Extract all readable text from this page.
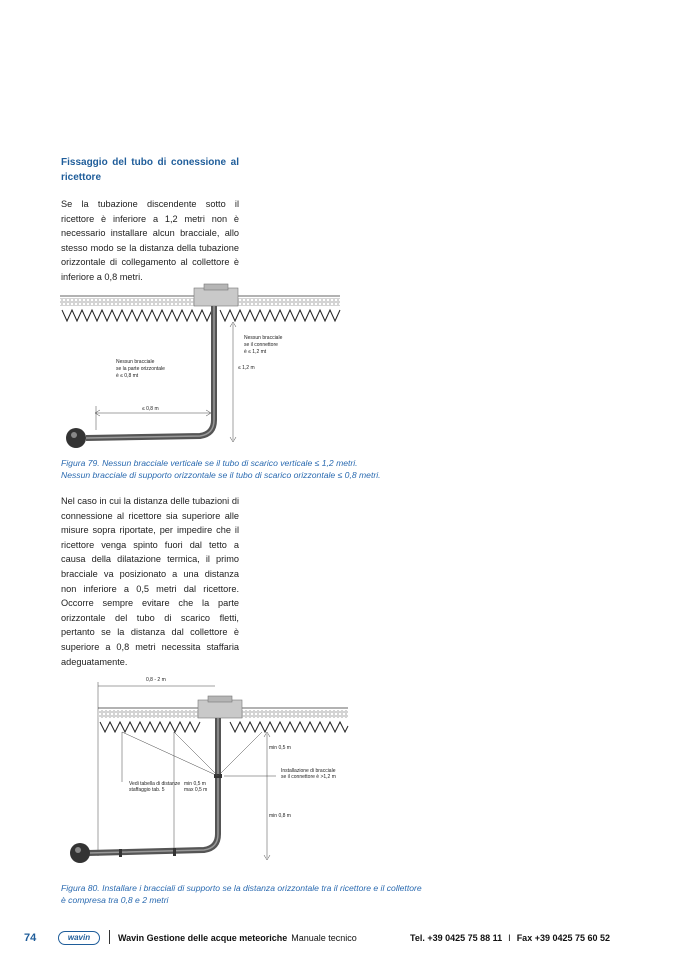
Fissaggio del tubo di conessione al ricettore
Se la tubazione discendente sotto il ricettore è inferiore a 1,2 metri non è necessario installare alcun bracciale, allo stesso modo se la distanza della tubazione orizzontale di collegamento al collettore è inferiore a 0,8 metri.
Nessun bracciale
se il connettore
è ≤ 1,2 mt
≤ 1,2 m
Nessun bracciale
se la parte orizzontale
è ≤ 0,8 mt
≤ 0,8 m
Figura 79. Nessun bracciale verticale se il tubo di scarico verticale ≤ 1,2 metri.
Nessun bracciale di supporto orizzontale se il tubo di scarico orizzontale ≤ 0,8 metri.
Nel caso in cui la distanza delle tubazioni di connessione al ricettore sia superiore alle misure sopra riportate, per impedire che il ricettore venga spinto fuori dal tetto a causa della dilatazione termica, il primo bracciale va posizionato a una distanza non inferiore a 0,5 metri dal ricettore. Occorre sempre evitare che la parte orizzontale del tubo di scarico fletti, pertanto se la distanza dal collettore è superiore a 0,8 metri necessita staffaria adeguatamente.
0,8 - 2 m
min 0,5 m
Installazione di bracciale
se il connettore è >1,2 m
Vedi tabella di distanze
staffaggio tab. 5
min 0,5 m
max 0,5 m
min 0,8 m
Figura 80. Installare i bracciali di supporto se la distanza orizzontale tra il ricettore e il collettore
è compresa tra 0,8 e 2 metri
74	wavin	Wavin Gestione delle acque meteoriche Manuale tecnico	Tel. +39 0425 75 88 11 I Fax +39 0425 75 60 52
